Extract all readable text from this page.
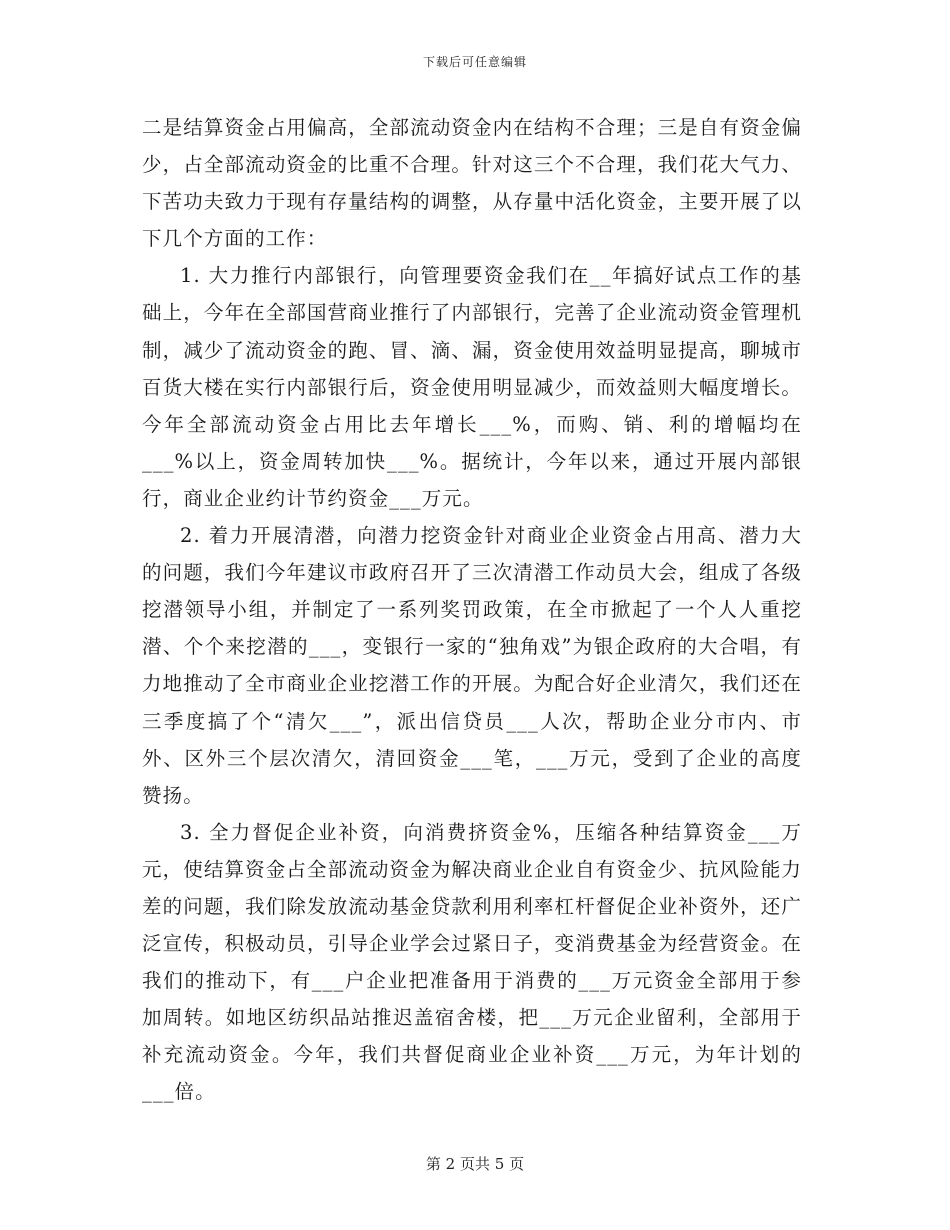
下载后可任意编辑

二是结算资金占用偏高，全部流动资金内在结构不合理；三是自有资金偏少，占全部流动资金的比重不合理。针对这三个不合理，我们花大气力、下苦功夫致力于现有存量结构的调整，从存量中活化资金，主要开展了以下几个方面的工作：

1. 大力推行内部银行，向管理要资金我们在__年搞好试点工作的基础上，今年在全部国营商业推行了内部银行，完善了企业流动资金管理机制，减少了流动资金的跑、冒、滴、漏，资金使用效益明显提高，聊城市百货大楼在实行内部银行后，资金使用明显减少，而效益则大幅度增长。今年全部流动资金占用比去年增长___%，而购、销、利的增幅均在___%以上，资金周转加快___%。据统计，今年以来，通过开展内部银行，商业企业约计节约资金___万元。

2. 着力开展清潜，向潜力挖资金针对商业企业资金占用高、潜力大的问题，我们今年建议市政府召开了三次清潜工作动员大会，组成了各级挖潜领导小组，并制定了一系列奖罚政策，在全市掀起了一个人人重挖潜、个个来挖潜的___，变银行一家的“独角戏”为银企政府的大合唱，有力地推动了全市商业企业挖潜工作的开展。为配合好企业清欠，我们还在三季度搞了个“清欠___”，派出信贷员___人次，帮助企业分市内、市外、区外三个层次清欠，清回资金___笔，___万元，受到了企业的高度赞扬。

3. 全力督促企业补资，向消费挤资金%，压缩各种结算资金___万元，使结算资金占全部流动资金为解决商业企业自有资金少、抗风险能力差的问题，我们除发放流动基金贷款利用利率杠杆督促企业补资外，还广泛宣传，积极动员，引导企业学会过紧日子，变消费基金为经营资金。在我们的推动下，有___户企业把准备用于消费的___万元资金全部用于参加周转。如地区纺织品站推迟盖宿舍楼，把___万元企业留利，全部用于补充流动资金。今年，我们共督促商业企业补资___万元，为年计划的___倍。

第 2 页共 5 页
